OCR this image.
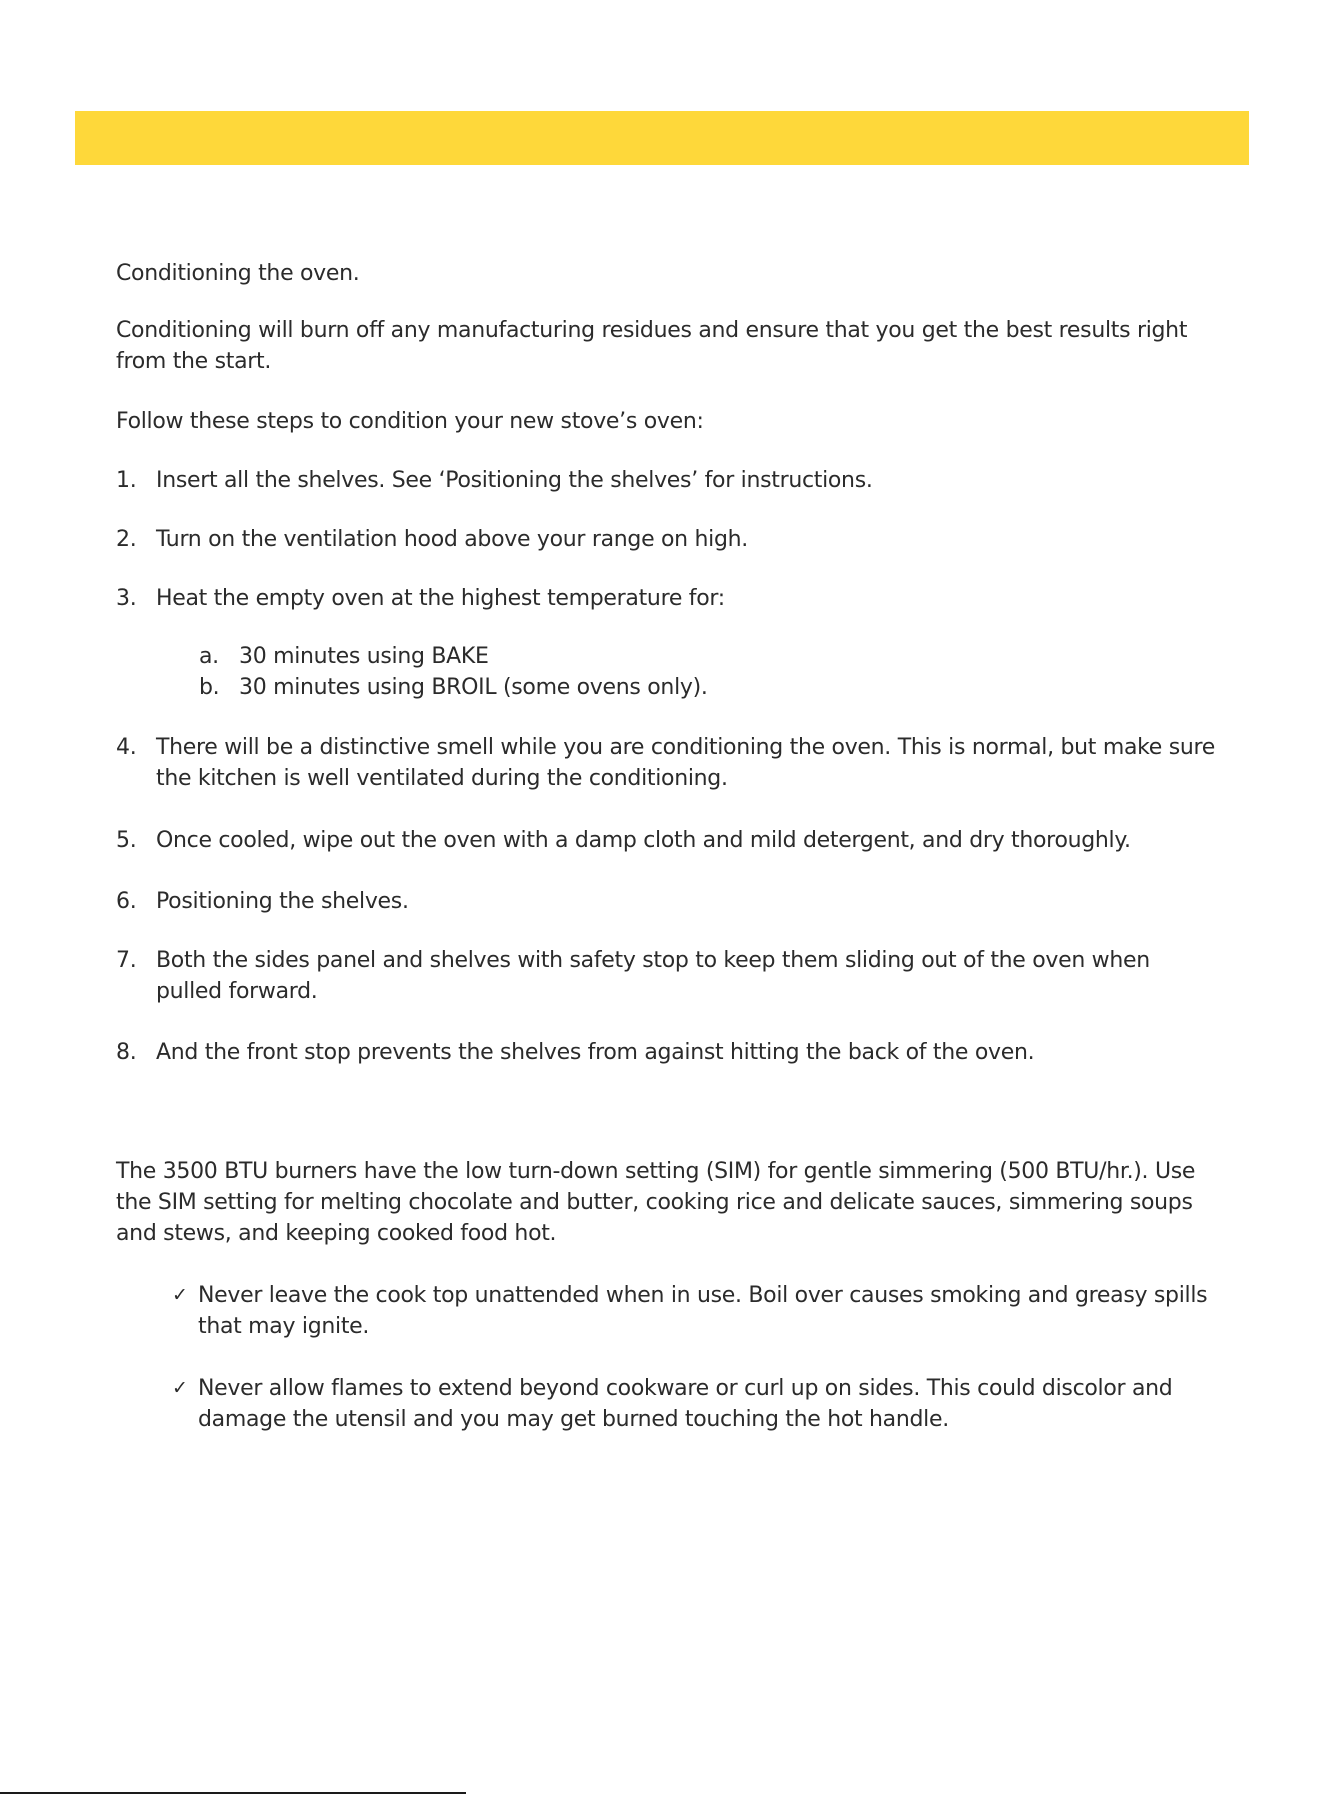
Conditioning the oven.

Conditioning will burn off any manufacturing residues and ensure that you get the best results right from the start.

Follow these steps to condition your new stove’s oven:

1. Insert all the shelves. See ‘Positioning the shelves’ for instructions.
2. Turn on the ventilation hood above your range on high.
3. Heat the empty oven at the highest temperature for:
a. 30 minutes using BAKE
b. 30 minutes using BROIL (some ovens only).
4. There will be a distinctive smell while you are conditioning the oven. This is normal, but make sure the kitchen is well ventilated during the conditioning.
5. Once cooled, wipe out the oven with a damp cloth and mild detergent, and dry thoroughly.
6. Positioning the shelves.
7. Both the sides panel and shelves with safety stop to keep them sliding out of the oven when pulled forward.
8. And the front stop prevents the shelves from against hitting the back of the oven.

The 3500 BTU burners have the low turn-down setting (SIM) for gentle simmering (500 BTU/hr.). Use the SIM setting for melting chocolate and butter, cooking rice and delicate sauces, simmering soups and stews, and keeping cooked food hot.

✓ Never leave the cook top unattended when in use. Boil over causes smoking and greasy spills that may ignite.
✓ Never allow flames to extend beyond cookware or curl up on sides. This could discolor and damage the utensil and you may get burned touching the hot handle.
